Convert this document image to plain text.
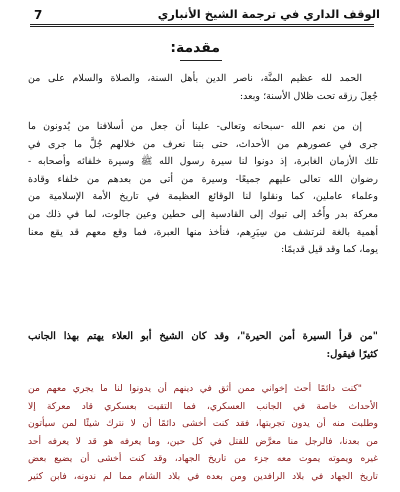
7	الوقف الداري في ترجمة الشيخ الأنباري
مقدمة:
الحمد لله عظيم المنَّة، ناصر الدين بأهل السنة، والصلاة والسلام على من
جُعِلَ رزقه تحت ظلال الأسنة؛ وبعد:
إن من نعم الله -سبحانه وتعالى- علينا أن جعل من أسلافنا من يُدونون ما
جرى في عصورهم من الأحداث، حتى بتنا نعرف من خلالهم جُلَّ ما جرى في
تلك الأزمان الغابرة، إذ دونوا لنا سيرة رسول الله ﷺ وسيرة خلفائه وأصحابه -
رضوان الله تعالى عليهم جميعًا- وسيرة من أتى من بعدهم من خلفاء وقادة
وعلماء عاملين، كما ونقلوا لنا الوقائع العظيمة في تاريخ الأمة الإسلامية من
معركة بدر وأُحُد إلى تبوك إلى القادسية إلى حطين وعين جالوت، لما في ذلك من
أهمية بالغة لنرتشف من سِيَرِهم، فنأخذ منها العبرة، فما وقع معهم قد يقع معنا
يوما، كما وقد قيل قديمًا:
"من قرأ السيرة أمن الحيرة"، وقد كان الشيخ أبو العلاء يهتم بهذا الجانب
كثيرًا فيقول:
"كنت دائمًا أحث إخواني ممن أثق في دينهم أن يدونوا لنا ما يجري معهم من
الأحداث خاصة في الجانب العسكري، فما التقيت بعسكري قاد معركة إلا
وطلبت منه أن يدون تجربتها، فقد كنت أخشى دائمًا أن لا نترك شيئًا لمن سيأتون
من بعدنا، فالرجل منا معرَّض للقتل في كل حين، وما يعرفه هو قد لا يعرفه أحد
غيره ويموته يموت معه جزء من تاريخ الجهاد، وقد كنت أخشى أن يضيع بعض
تاريخ الجهاد في بلاد الرافدين ومن بعده في بلاد الشام مما لم ندونه، فابن كثير
